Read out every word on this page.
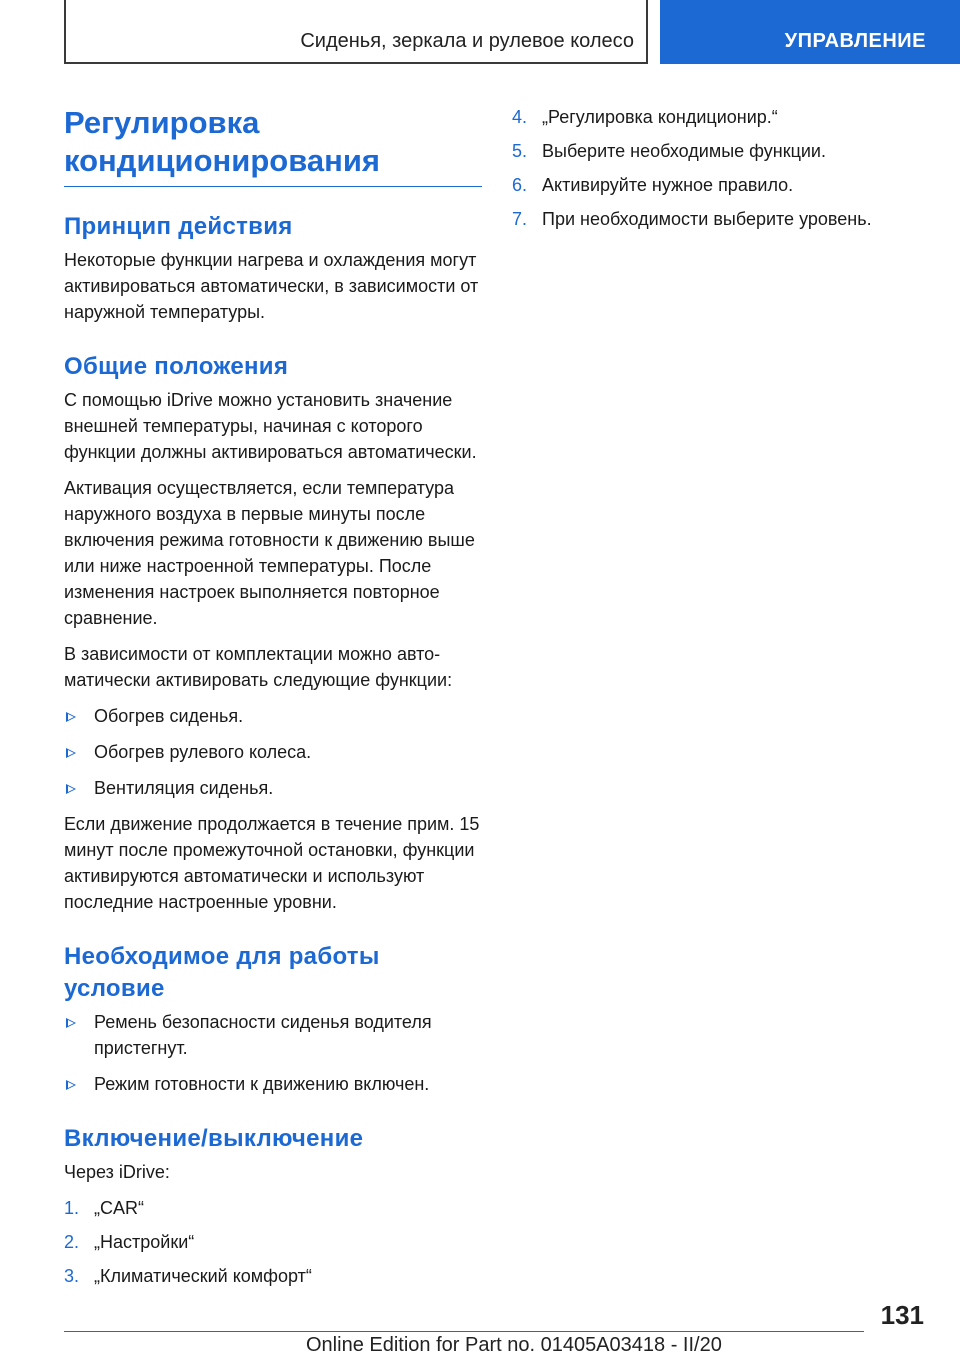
Сиденья, зеркала и рулевое колесо	УПРАВЛЕНИЕ
Регулировка кондиционирования
Принцип действия

Некоторые функции нагрева и охлаждения могут активироваться автоматически, в зависимости от наружной температуры.

Общие положения

С помощью iDrive можно установить значение внешней температуры, начиная с которого функции должны активироваться автоматически.

Активация осуществляется, если температура наружного воздуха в первые минуты после включения режима готовности к движению выше или ниже настроенной температуры. После изменения настроек выполняется повторное сравнение.

В зависимости от комплектации можно автоматически активировать следующие функции:

Обогрев сиденья.
Обогрев рулевого колеса.
Вентиляция сиденья.

Если движение продолжается в течение прим. 15 минут после промежуточной остановки, функции активируются автоматически и используют последние настроенные уровни.

Необходимое для работы условие
Ремень безопасности сиденья водителя пристегнут.
Режим готовности к движению включен.
Включение/выключение

Через iDrive:

1. „CAR“
2. „Настройки“
3. „Климатический комфорт“
4. „Регулировка кондиционир.“
5. Выберите необходимые функции.
6. Активируйте нужное правило.
7. При необходимости выберите уровень.
131
Online Edition for Part no. 01405A03418 - II/20
